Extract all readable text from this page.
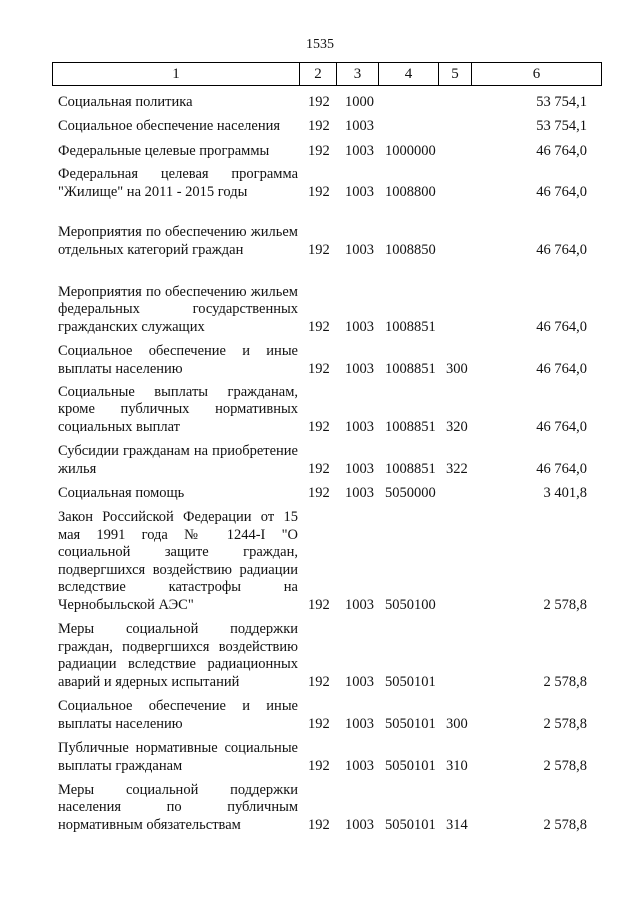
1535
1	2	3	4	5	6
Социальная политика	192 1000	53 754,1
Социальное обеспечение населения	192 1003	53 754,1
Федеральные целевые программы	192 1003 1000000	46 764,0
Федеральная целевая программа "Жилище" на 2011 - 2015 годы	192 1003 1008800	46 764,0
Мероприятия по обеспечению жильем отдельных категорий граждан	192 1003 1008850	46 764,0
Мероприятия по обеспечению жильем федеральных государственных гражданских служащих	192 1003 1008851	46 764,0
Социальное обеспечение и иные выплаты населению	192 1003 1008851 300	46 764,0
Социальные выплаты гражданам, кроме публичных нормативных социальных выплат	192 1003 1008851 320	46 764,0
Субсидии гражданам на приобретение жилья	192 1003 1008851 322	46 764,0
Социальная помощь	192 1003 5050000	3 401,8
Закон Российской Федерации от 15 мая 1991 года № 1244-I "О социальной защите граждан, подвергшихся воздействию радиации вследствие катастрофы на Чернобыльской АЭС"	192 1003 5050100	2 578,8
Меры социальной поддержки граждан, подвергшихся воздействию радиации вследствие радиационных аварий и ядерных испытаний	192 1003 5050101	2 578,8
Социальное обеспечение и иные выплаты населению	192 1003 5050101 300	2 578,8
Публичные нормативные социальные выплаты гражданам	192 1003 5050101 310	2 578,8
Меры социальной поддержки населения по публичным нормативным обязательствам	192 1003 5050101 314	2 578,8
